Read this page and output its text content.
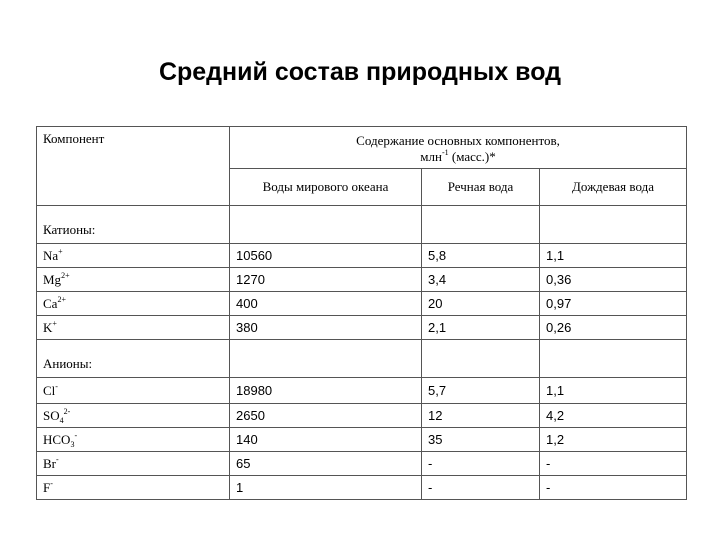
Средний состав природных вод
Компонент	Содержание основных компонентов,
млн$^{-1}$ (масс.)*		

	Воды мирового океана	Речная вода	Дождевая вода
Катионы:			
Na+	10560	5,8	1,1
$Mg^{2+}$	1270	3,4	0,36
$Ca^{2+}$	400	20	0,97
K+	380	2,1	0,26
Анионы:			
Cl-	18980	5,7	1,1
$SO_4^{2-}$	2650	12	4,2
$HCO_3^-$	140	35	1,2
Br-	65	-	-
F-	1	-	-
